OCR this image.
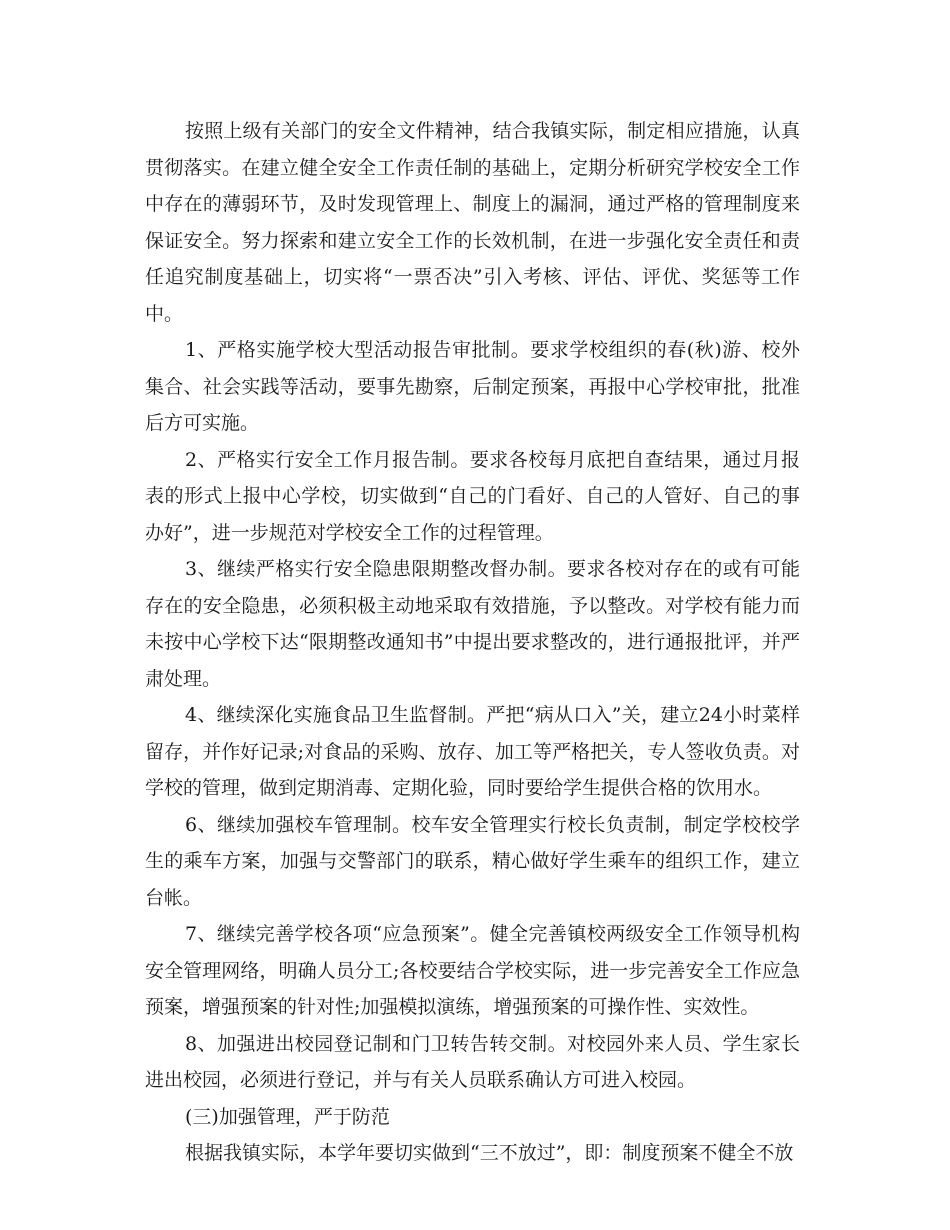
按照上级有关部门的安全文件精神，结合我镇实际，制定相应措施，认真贯彻落实。在建立健全安全工作责任制的基础上，定期分析研究学校安全工作中存在的薄弱环节，及时发现管理上、制度上的漏洞，通过严格的管理制度来保证安全。努力探索和建立安全工作的长效机制，在进一步强化安全责任和责任追究制度基础上，切实将“一票否决”引入考核、评估、评优、奖惩等工作中。

1、严格实施学校大型活动报告审批制。要求学校组织的春(秋)游、校外集合、社会实践等活动，要事先勘察，后制定预案，再报中心学校审批，批准后方可实施。

2、严格实行安全工作月报告制。要求各校每月底把自查结果，通过月报表的形式上报中心学校，切实做到“自己的门看好、自己的人管好、自己的事办好”，进一步规范对学校安全工作的过程管理。

3、继续严格实行安全隐患限期整改督办制。要求各校对存在的或有可能存在的安全隐患，必须积极主动地采取有效措施，予以整改。对学校有能力而未按中心学校下达“限期整改通知书”中提出要求整改的，进行通报批评，并严肃处理。

4、继续深化实施食品卫生监督制。严把“病从口入”关，建立24小时菜样留存，并作好记录;对食品的采购、放存、加工等严格把关，专人签收负责。对学校的管理，做到定期消毒、定期化验，同时要给学生提供合格的饮用水。

6、继续加强校车管理制。校车安全管理实行校长负责制，制定学校校学生的乘车方案，加强与交警部门的联系，精心做好学生乘车的组织工作，建立台帐。

7、继续完善学校各项“应急预案”。健全完善镇校两级安全工作领导机构安全管理网络，明确人员分工;各校要结合学校实际，进一步完善安全工作应急预案，增强预案的针对性;加强模拟演练，增强预案的可操作性、实效性。

8、加强进出校园登记制和门卫转告转交制。对校园外来人员、学生家长进出校园，必须进行登记，并与有关人员联系确认方可进入校园。

(三)加强管理，严于防范

根据我镇实际，本学年要切实做到“三不放过”，即：制度预案不健全不放
